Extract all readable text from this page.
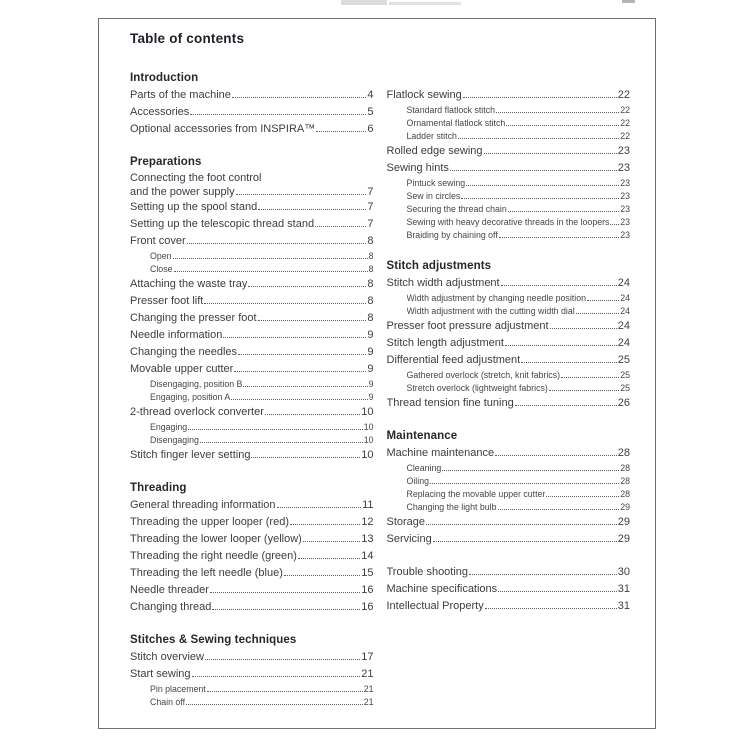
Table of contents
Introduction
Parts of the machine	4
Accessories	5
Optional accessories from INSPIRA™	6
Preparations
Connecting the foot control
and the power supply	7
Setting up the spool stand	7
Setting up the telescopic thread stand	7
Front cover	8
Open	8
Close	8
Attaching the waste tray	8
Presser foot lift	8
Changing the presser foot	8
Needle information	9
Changing the needles	9
Movable upper cutter	9
Disengaging, position B	9
Engaging, position A	9
2-thread overlock converter	10
Engaging	10
Disengaging	10
Stitch finger lever setting	10
Threading
General threading information	11
Threading the upper looper (red)	12
Threading the lower looper (yellow)	13
Threading the right needle (green)	14
Threading the left needle (blue)	15
Needle threader	16
Changing thread	16
Stitches & Sewing techniques
Stitch overview	17
Start sewing	21
Pin placement	21
Chain off	21
Flatlock sewing	22
Standard flatlock stitch	22
Ornamental flatlock stitch	22
Ladder stitch	22
Rolled edge sewing	23
Sewing hints	23
Pintuck sewing	23
Sew in circles	23
Securing the thread chain	23
Sewing with heavy decorative threads in the loopers 23
Braiding by chaining off	23
Stitch adjustments
Stitch width adjustment	24
Width adjustment by changing needle position	24
Width adjustment with the cutting width dial	24
Presser foot pressure adjustment	24
Stitch length adjustment	24
Differential feed adjustment	25
Gathered overlock (stretch, knit fabrics)	25
Stretch overlock (lightweight fabrics)	25
Thread tension fine tuning	26
Maintenance
Machine maintenance	28
Cleaning	28
Oiling	28
Replacing the movable upper cutter	28
Changing the light bulb	29
Storage	29
Servicing	29
Trouble shooting	30
Machine specifications	31
Intellectual Property	31
